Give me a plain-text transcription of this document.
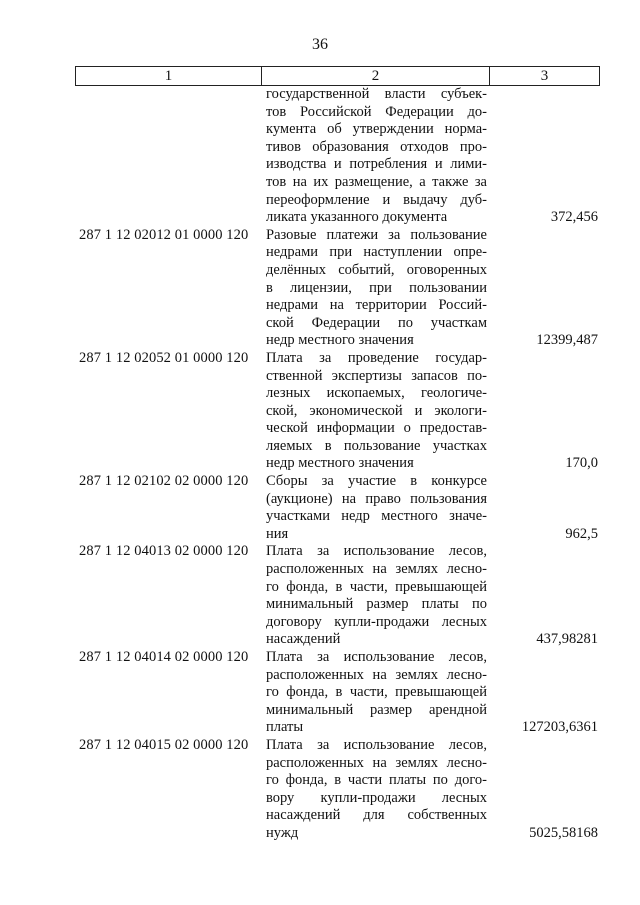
36
1	2	3
государственной власти субъек-
тов Российской Федерации до-
кумента об утверждении норма-
тивов образования отходов про-
изводства и потребления и лими-
тов на их размещение, а также за
переоформление и выдачу дуб-
ликата указанного документа	372,456
287 1 12 02012 01 0000 120 Разовые платежи за пользование
недрами при наступлении опре-
делённых событий, оговоренных
в лицензии, при пользовании
недрами на территории Россий-
ской Федерации по участкам
недр местного значения	12399,487
287 1 12 02052 01 0000 120 Плата за проведение государ-
ственной экспертизы запасов по-
лезных ископаемых, геологиче-
ской, экономической и экологи-
ческой информации о предостав-
ляемых в пользование участках
недр местного значения	170,0
287 1 12 02102 02 0000 120 Сборы за участие в конкурсе
(аукционе) на право пользования
участками недр местного значе-
ния	962,5
287 1 12 04013 02 0000 120 Плата за использование лесов,
расположенных на землях лесно-
го фонда, в части, превышающей
минимальный размер платы по
договору купли-продажи лесных
насаждений	437,98281
287 1 12 04014 02 0000 120 Плата за использование лесов,
расположенных на землях лесно-
го фонда, в части, превышающей
минимальный размер арендной
платы	127203,6361
287 1 12 04015 02 0000 120 Плата за использование лесов,
расположенных на землях лесно-
го фонда, в части платы по дого-
вору купли-продажи лесных
насаждений для собственных
нужд	5025,58168
